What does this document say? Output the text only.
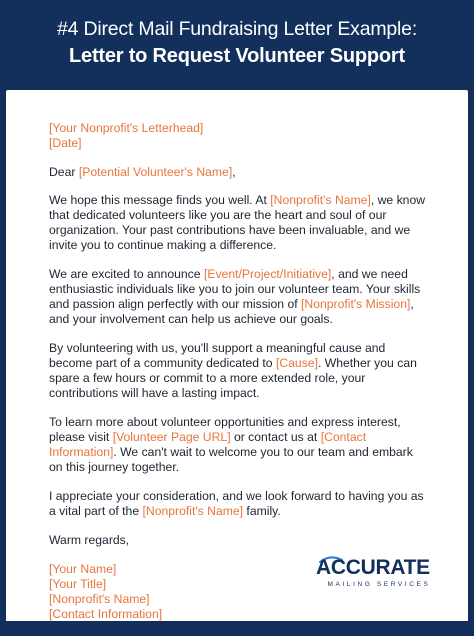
#4 Direct Mail Fundraising Letter Example:
Letter to Request Volunteer Support

[Your Nonprofit's Letterhead]
[Date]

Dear [Potential Volunteer's Name],

We hope this message finds you well. At [Nonprofit's Name], we know that dedicated volunteers like you are the heart and soul of our organization. Your past contributions have been invaluable, and we invite you to continue making a difference.

We are excited to announce [Event/Project/Initiative], and we need enthusiastic individuals like you to join our volunteer team. Your skills and passion align perfectly with our mission of [Nonprofit's Mission], and your involvement can help us achieve our goals.

By volunteering with us, you'll support a meaningful cause and become part of a community dedicated to [Cause]. Whether you can spare a few hours or commit to a more extended role, your contributions will have a lasting impact.

To learn more about volunteer opportunities and express interest, please visit [Volunteer Page URL] or contact us at [Contact Information]. We can't wait to welcome you to our team and embark on this journey together.

I appreciate your consideration, and we look forward to having you as a vital part of the [Nonprofit's Name] family.

Warm regards,

[Your Name]
[Your Title]
[Nonprofit's Name]
[Contact Information]

ACCURATE
MAILING SERVICES
